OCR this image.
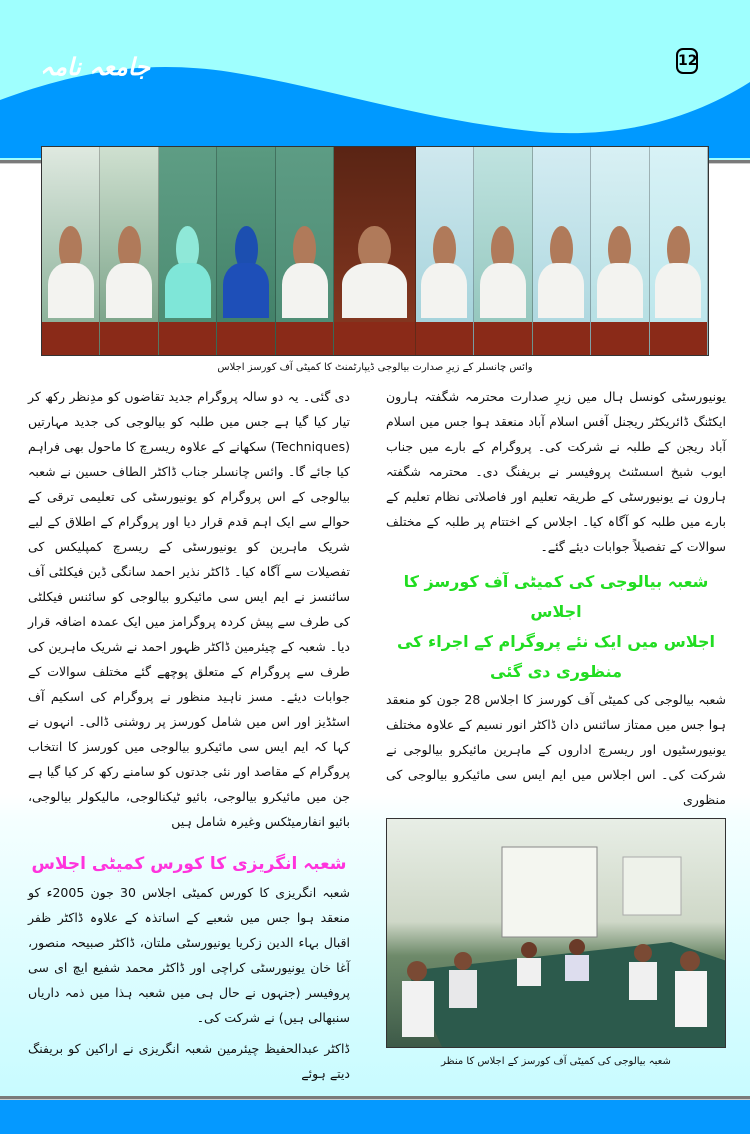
جامعہ نامہ	12
وائس چانسلر کے زیرِ صدارت بیالوجی ڈیپارٹمنٹ کا کمیٹی آف کورسز اجلاس
دی گئی۔ یہ دو سالہ پروگرام جدید تقاضوں کو مدِنظر رکھ کر تیار کیا گیا ہے جس میں طلبہ کو بیالوجی کی جدید مہارتیں (Techniques) سکھانے کے علاوہ ریسرچ کا ماحول بھی فراہم کیا جائے گا۔ وائس چانسلر جناب ڈاکٹر الطاف حسین نے شعبہ بیالوجی کے اس پروگرام کو یونیورسٹی کی تعلیمی ترقی کے حوالے سے ایک اہم قدم قرار دیا اور پروگرام کے اطلاق کے لیے شریک ماہرین کو یونیورسٹی کے ریسرچ کمپلیکس کی تفصیلات سے آگاہ کیا۔ ڈاکٹر نذیر احمد سانگی ڈین فیکلٹی آف سائنسز نے ایم ایس سی مائیکرو بیالوجی کو سائنس فیکلٹی کی طرف سے پیش کردہ پروگرامز میں ایک عمدہ اضافہ قرار دیا۔ شعبہ کے چیئرمین ڈاکٹر ظہور احمد نے شریک ماہرین کی طرف سے پروگرام کے متعلق پوچھے گئے مختلف سوالات کے جوابات دیئے۔ مسز ناہید منظور نے پروگرام کی اسکیم آف اسٹڈیز اور اس میں شامل کورسز پر روشنی ڈالی۔ انہوں نے کہا کہ ایم ایس سی مائیکرو بیالوجی میں کورسز کا انتخاب پروگرام کے مقاصد اور نئی جدتوں کو سامنے رکھ کر کیا گیا ہے جن میں مائیکرو بیالوجی، بائیو ٹیکنالوجی، مالیکولر بیالوجی، بائیو انفارمیٹکس وغیرہ شامل ہیں
شعبہ انگریزی کا کورس کمیٹی اجلاس
شعبہ انگریزی کا کورس کمیٹی اجلاس 30 جون 2005ء کو منعقد ہوا جس میں شعبے کے اساتذہ کے علاوہ ڈاکٹر ظفر اقبال بہاء الدین زکریا یونیورسٹی ملتان، ڈاکٹر صبیحہ منصور، آغا خان یونیورسٹی کراچی اور ڈاکٹر محمد شفیع ایچ ای سی پروفیسر (جنہوں نے حال ہی میں شعبہ ہذا میں ذمہ داریاں سنبھالی ہیں) نے شرکت کی۔
ڈاکٹر عبدالحفیظ چیئرمین شعبہ انگریزی نے اراکین کو بریفنگ دیتے ہوئے
یونیورسٹی کونسل ہال میں زیرِ صدارت محترمہ شگفتہ ہارون ایکٹنگ ڈائریکٹر ریجنل آفس اسلام آباد منعقد ہوا جس میں اسلام آباد ریجن کے طلبہ نے شرکت کی۔ پروگرام کے بارے میں جناب ایوب شیخ اسسٹنٹ پروفیسر نے بریفنگ دی۔ محترمہ شگفتہ ہارون نے یونیورسٹی کے طریقہ تعلیم اور فاصلاتی نظام تعلیم کے بارے میں طلبہ کو آگاہ کیا۔ اجلاس کے اختتام پر طلبہ کے مختلف سوالات کے تفصیلاً جوابات دیئے گئے۔
شعبہ بیالوجی کی کمیٹی آف کورسز کا اجلاس
اجلاس میں ایک نئے پروگرام کے اجراء کی منظوری دی گئی
شعبہ بیالوجی کی کمیٹی آف کورسز کا اجلاس 28 جون کو منعقد ہوا جس میں ممتاز سائنس دان ڈاکٹر انور نسیم کے علاوہ مختلف یونیورسٹیوں اور ریسرچ اداروں کے ماہرین مائیکرو بیالوجی نے شرکت کی۔ اس اجلاس میں ایم ایس سی مائیکرو بیالوجی کی منظوری
شعبہ بیالوجی کی کمیٹی آف کورسز کے اجلاس کا منظر
